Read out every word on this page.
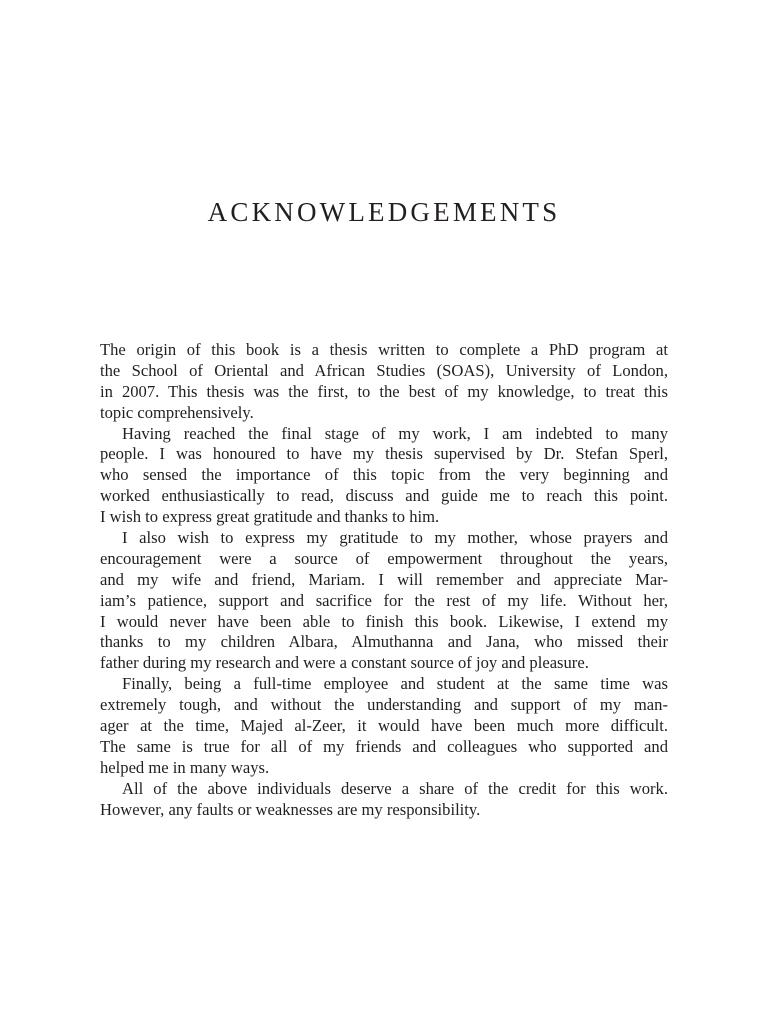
ACKNOWLEDGEMENTS
The origin of this book is a thesis written to complete a PhD program at
the School of Oriental and African Studies (SOAS), University of London,
in 2007. This thesis was the first, to the best of my knowledge, to treat this
topic comprehensively.
Having reached the final stage of my work, I am indebted to many
people. I was honoured to have my thesis supervised by Dr. Stefan Sperl,
who sensed the importance of this topic from the very beginning and
worked enthusiastically to read, discuss and guide me to reach this point.
I wish to express great gratitude and thanks to him.
I also wish to express my gratitude to my mother, whose prayers and
encouragement were a source of empowerment throughout the years,
and my wife and friend, Mariam. I will remember and appreciate Mar-
iam’s patience, support and sacrifice for the rest of my life. Without her,
I would never have been able to finish this book. Likewise, I extend my
thanks to my children Albara, Almuthanna and Jana, who missed their
father during my research and were a constant source of joy and pleasure.
Finally, being a full-time employee and student at the same time was
extremely tough, and without the understanding and support of my man-
ager at the time, Majed al-Zeer, it would have been much more difficult.
The same is true for all of my friends and colleagues who supported and
helped me in many ways.
All of the above individuals deserve a share of the credit for this work.
However, any faults or weaknesses are my responsibility.
